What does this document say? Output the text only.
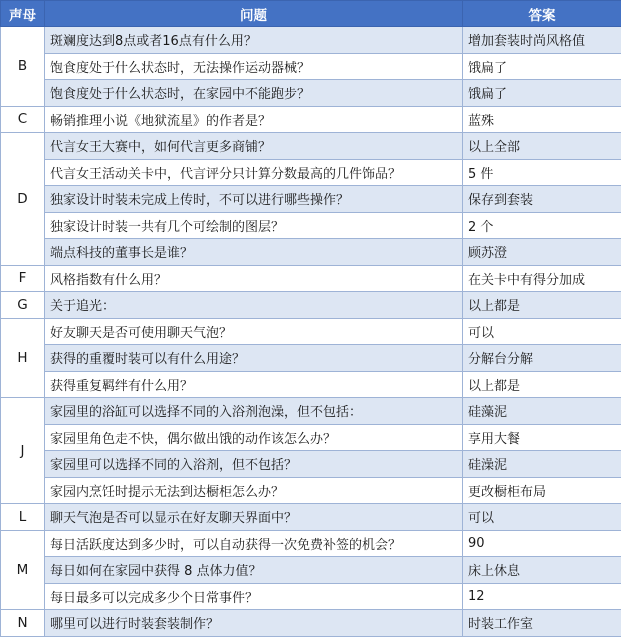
声母	问题	答案
B	斑斓度达到8点或者16点有什么用？	增加套装时尚风格值
	饱食度处于什么状态时，无法操作运动器械？	饿扁了
	饱食度处于什么状态时，在家园中不能跑步？	饿扁了
C	畅销推理小说《地狱流星》的作者是？	蓝殊
D	代言女王大赛中，如何代言更多商铺？	以上全部
	代言女王活动关卡中，代言评分只计算分数最高的几件饰品？	5 件
	独家设计时装未完成上传时，不可以进行哪些操作？	保存到套装
	独家设计时装一共有几个可绘制的图层？	2 个
	端点科技的董事长是谁？	顾苏澄
F	风格指数有什么用？	在关卡中有得分加成
G	关于追光：	以上都是
H	好友聊天是否可使用聊天气泡？	可以
	获得的重覆时装可以有什么用途？	分解台分解
	获得重复羁绊有什么用？	以上都是
J	家园里的浴缸可以选择不同的入浴剂泡澡，但不包括：	硅藻泥
	家园里角色走不快，偶尔做出饿的动作该怎么办？	享用大餐
	家园里可以选择不同的入浴剂，但不包括？	硅澡泥
	家园内烹饪时提示无法到达橱柜怎么办？	更改橱柜布局
L	聊天气泡是否可以显示在好友聊天界面中？	可以
M	每日活跃度达到多少时，可以自动获得一次免费补签的机会？	90
	每日如何在家园中获得 8 点体力值？	床上休息
	每日最多可以完成多少个日常事件？	12
N	哪里可以进行时装套装制作？	时装工作室
